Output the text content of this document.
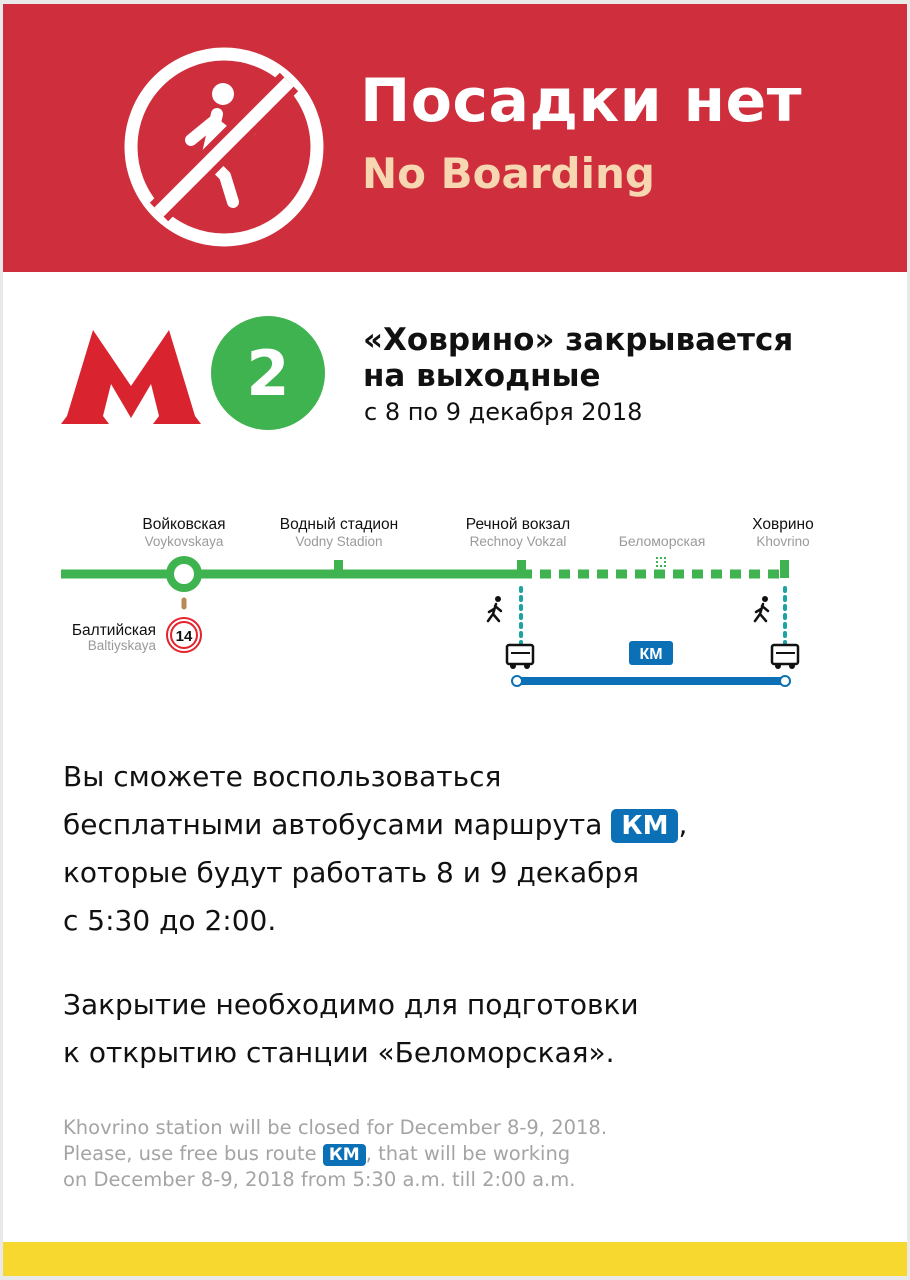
Посадки нет
No Boarding
2	«Ховрино» закрывается
на выходные
с 8 по 9 декабря 2018
Войковская
Voykovskaya
Водный стадион
Vodny Stadion
Речной вокзал
Rechnoy Vokzal	Беломорская
Ховрино
Khovrino
Балтийская
Baltiyskaya
14
КМ
Вы сможете воспользоваться
бесплатными автобусами маршрута КМ ,
которые будут работать 8 и 9 декабря
с 5:30 до 2:00.
Закрытие необходимо для подготовки
к открытию станции «Беломорская».
Khovrino station will be closed for December 8-9, 2018.
Please, use free bus route КМ , that will be working
on December 8-9, 2018 from 5:30 a.m. till 2:00 a.m.
